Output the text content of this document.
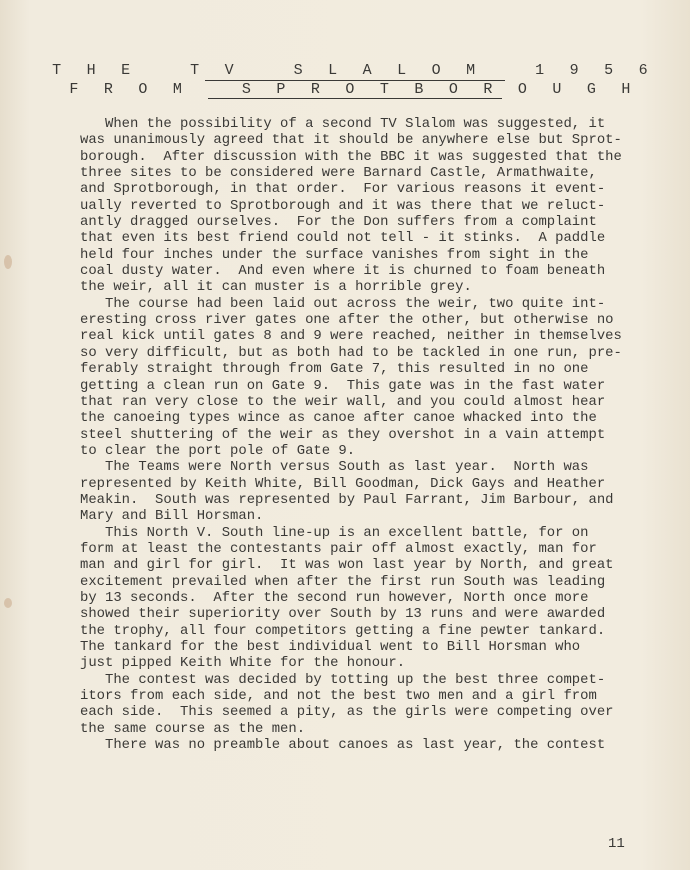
T H E   T V   S L A L O M   1 9 5 6
F R O M   S P R O T B O R O U G H
When the possibility of a second TV Slalom was suggested, it
was unanimously agreed that it should be anywhere else but Sprot-
borough.  After discussion with the BBC it was suggested that the
three sites to be considered were Barnard Castle, Armathwaite,
and Sprotborough, in that order.  For various reasons it event-
ually reverted to Sprotborough and it was there that we reluct-
antly dragged ourselves.  For the Don suffers from a complaint
that even its best friend could not tell - it stinks.  A paddle
held four inches under the surface vanishes from sight in the
coal dusty water.  And even where it is churned to foam beneath
the weir, all it can muster is a horrible grey.
The course had been laid out across the weir, two quite int-
eresting cross river gates one after the other, but otherwise no
real kick until gates 8 and 9 were reached, neither in themselves
so very difficult, but as both had to be tackled in one run, pre-
ferably straight through from Gate 7, this resulted in no one
getting a clean run on Gate 9.  This gate was in the fast water
that ran very close to the weir wall, and you could almost hear
the canoeing types wince as canoe after canoe whacked into the
steel shuttering of the weir as they overshot in a vain attempt
to clear the port pole of Gate 9.
The Teams were North versus South as last year.  North was
represented by Keith White, Bill Goodman, Dick Gays and Heather
Meakin.  South was represented by Paul Farrant, Jim Barbour, and
Mary and Bill Horsman.
This North V. South line-up is an excellent battle, for on
form at least the contestants pair off almost exactly, man for
man and girl for girl.  It was won last year by North, and great
excitement prevailed when after the first run South was leading
by 13 seconds.  After the second run however, North once more
showed their superiority over South by 13 runs and were awarded
the trophy, all four competitors getting a fine pewter tankard.
The tankard for the best individual went to Bill Horsman who
just pipped Keith White for the honour.
The contest was decided by totting up the best three compet-
itors from each side, and not the best two men and a girl from
each side.  This seemed a pity, as the girls were competing over
the same course as the men.
There was no preamble about canoes as last year, the contest
11
